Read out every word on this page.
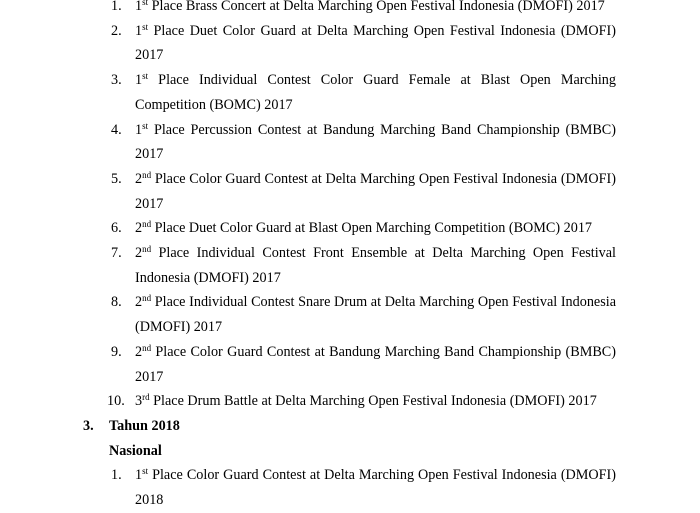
1. 1st Place Brass Concert at Delta Marching Open Festival Indonesia (DMOFI) 2017
2. 1st Place Duet Color Guard at Delta Marching Open Festival Indonesia (DMOFI) 2017
3. 1st Place Individual Contest Color Guard Female at Blast Open Marching Competition (BOMC) 2017
4. 1st Place Percussion Contest at Bandung Marching Band Championship (BMBC) 2017
5. 2nd Place Color Guard Contest at Delta Marching Open Festival Indonesia (DMOFI) 2017
6. 2nd Place Duet Color Guard at Blast Open Marching Competition (BOMC) 2017
7. 2nd Place Individual Contest Front Ensemble at Delta Marching Open Festival Indonesia (DMOFI) 2017
8. 2nd Place Individual Contest Snare Drum at Delta Marching Open Festival Indonesia (DMOFI) 2017
9. 2nd Place Color Guard Contest at Bandung Marching Band Championship (BMBC) 2017
10. 3rd Place Drum Battle at Delta Marching Open Festival Indonesia (DMOFI) 2017
3. Tahun 2018
Nasional
1. 1st Place Color Guard Contest at Delta Marching Open Festival Indonesia (DMOFI) 2018
